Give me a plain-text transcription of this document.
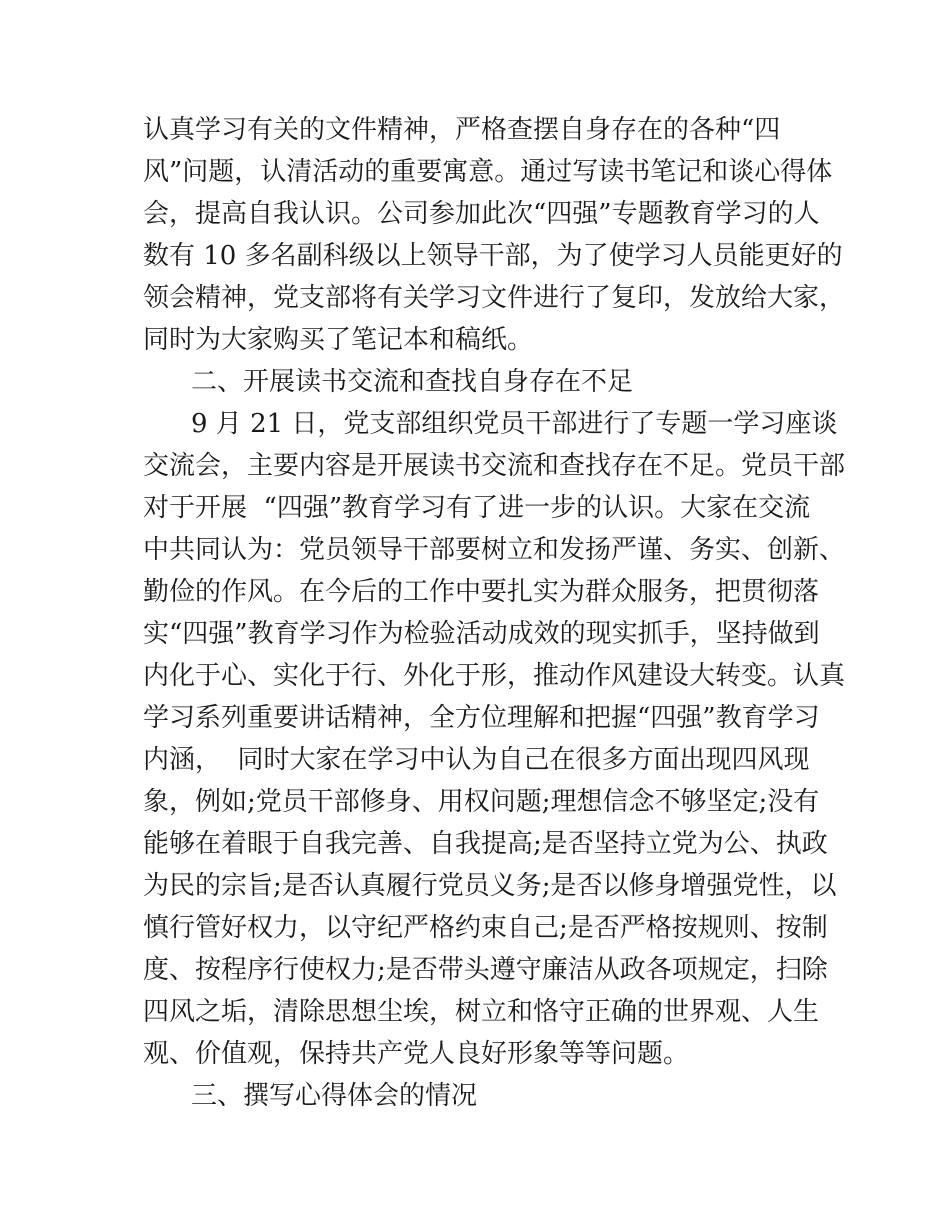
认真学习有关的文件精神，严格查摆自身存在的各种“四
风”问题，认清活动的重要寓意。通过写读书笔记和谈心得体
会，提高自我认识。公司参加此次“四强”专题教育学习的人
数有 10 多名副科级以上领导干部，为了使学习人员能更好的
领会精神，党支部将有关学习文件进行了复印，发放给大家，
同时为大家购买了笔记本和稿纸。
二、开展读书交流和查找自身存在不足
9 月 21 日，党支部组织党员干部进行了专题一学习座谈
交流会，主要内容是开展读书交流和查找存在不足。党员干部
对于开展  “四强”教育学习有了进一步的认识。大家在交流
中共同认为：党员领导干部要树立和发扬严谨、务实、创新、
勤俭的作风。在今后的工作中要扎实为群众服务，把贯彻落
实“四强”教育学习作为检验活动成效的现实抓手，坚持做到
内化于心、实化于行、外化于形，推动作风建设大转变。认真
学习系列重要讲话精神，全方位理解和把握“四强”教育学习
内涵，  同时大家在学习中认为自己在很多方面出现四风现
象，例如;党员干部修身、用权问题;理想信念不够坚定;没有
能够在着眼于自我完善、自我提高;是否坚持立党为公、执政
为民的宗旨;是否认真履行党员义务;是否以修身增强党性，以
慎行管好权力，以守纪严格约束自己;是否严格按规则、按制
度、按程序行使权力;是否带头遵守廉洁从政各项规定，扫除
四风之垢，清除思想尘埃，树立和恪守正确的世界观、人生
观、价值观，保持共产党人良好形象等等问题。
三、撰写心得体会的情况
